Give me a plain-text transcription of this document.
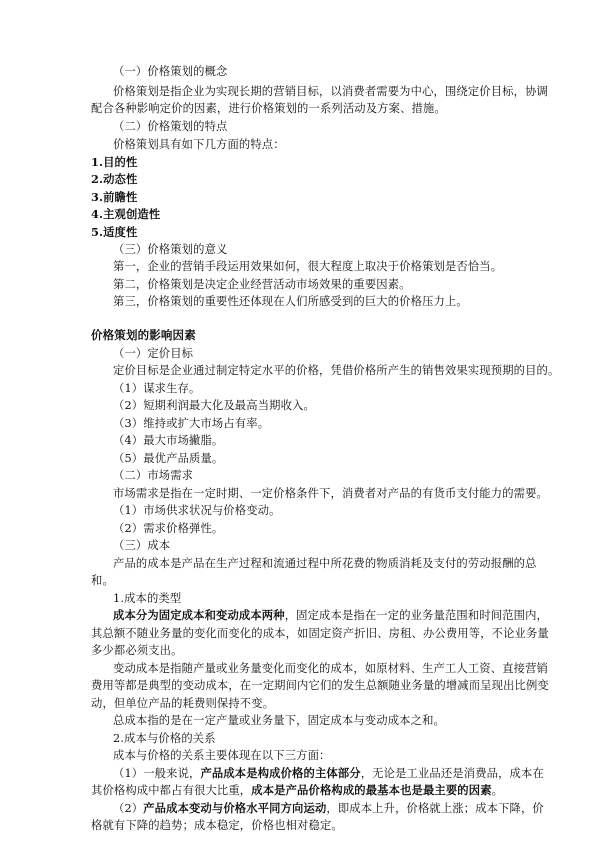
（一）价格策划的概念
价格策划是指企业为实现长期的营销目标，以消费者需要为中心，围绕定价目标，协调
配合各种影响定价的因素，进行价格策划的一系列活动及方案、措施。
（二）价格策划的特点
价格策划具有如下几方面的特点：
1.目的性
2.动态性
3.前瞻性
4.主观创造性
5.适度性
（三）价格策划的意义
第一，企业的营销手段运用效果如何，很大程度上取决于价格策划是否恰当。
第二，价格策划是决定企业经营活动市场效果的重要因素。
第三，价格策划的重要性还体现在人们所感受到的巨大的价格压力上。
价格策划的影响因素
（一）定价目标
定价目标是企业通过制定特定水平的价格，凭借价格所产生的销售效果实现预期的目的。
（1）谋求生存。
（2）短期利润最大化及最高当期收入。
（3）维持或扩大市场占有率。
（4）最大市场撇脂。
（5）最优产品质量。
（二）市场需求
市场需求是指在一定时期、一定价格条件下，消费者对产品的有货币支付能力的需要。
（1）市场供求状况与价格变动。
（2）需求价格弹性。
（三）成本
产品的成本是产品在生产过程和流通过程中所花费的物质消耗及支付的劳动报酬的总
和。
1.成本的类型
成本分为固定成本和变动成本两种，固定成本是指在一定的业务量范围和时间范围内，
其总额不随业务量的变化而变化的成本，如固定资产折旧、房租、办公费用等，不论业务量
多少都必须支出。
变动成本是指随产量或业务量变化而变化的成本，如原材料、生产工人工资、直接营销
费用等都是典型的变动成本，在一定期间内它们的发生总额随业务量的增减而呈现出比例变
动，但单位产品的耗费则保持不变。
总成本指的是在一定产量或业务量下，固定成本与变动成本之和。
2.成本与价格的关系
成本与价格的关系主要体现在以下三方面：
（1）一般来说，产品成本是构成价格的主体部分，无论是工业品还是消费品，成本在
其价格构成中都占有很大比重，成本是产品价格构成的最基本也是最主要的因素。
（2）产品成本变动与价格水平同方向运动，即成本上升，价格就上涨；成本下降，价
格就有下降的趋势；成本稳定，价格也相对稳定。
